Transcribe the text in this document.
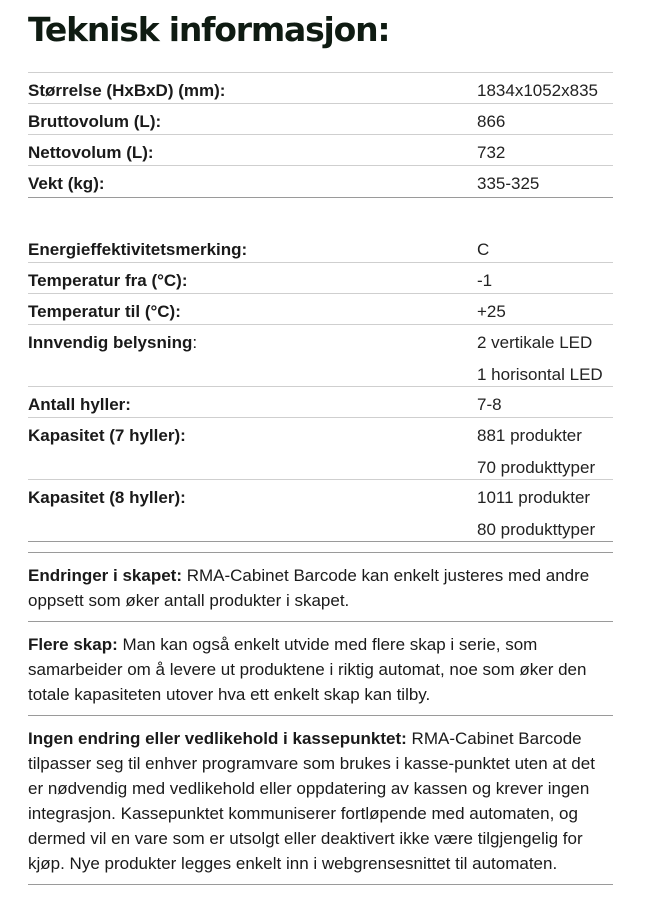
Teknisk informasjon:
Størrelse (HxBxD) (mm):	1834x1052x835
Bruttovolum (L):	866
Nettovolum (L):	732
Vekt (kg):	335-325
Energieffektivitetsmerking:	C
Temperatur fra (°C):	-1
Temperatur til (°C):	+25
Innvendig belysning:	2 vertikale LED
1 horisontal LED
Antall hyller:	7-8
Kapasitet (7 hyller):	881 produkter
70 produkttyper
Kapasitet (8 hyller):	1011 produkter
80 produkttyper
Endringer i skapet: RMA-Cabinet Barcode kan enkelt justeres med andre oppsett som øker antall produkter i skapet.
Flere skap: Man kan også enkelt utvide med flere skap i serie, som samarbeider om å levere ut produktene i riktig automat, noe som øker den totale kapasiteten utover hva ett enkelt skap kan tilby.
Ingen endring eller vedlikehold i kassepunktet: RMA-Cabinet Barcode tilpasser seg til enhver programvare som brukes i kasse-punktet uten at det er nødvendig med vedlikehold eller oppdatering av kassen og krever ingen integrasjon. Kassepunktet kommuniserer fortløpende med automaten, og dermed vil en vare som er utsolgt eller deaktivert ikke være tilgjengelig for kjøp. Nye produkter legges enkelt inn i webgrensesnittet til automaten.
